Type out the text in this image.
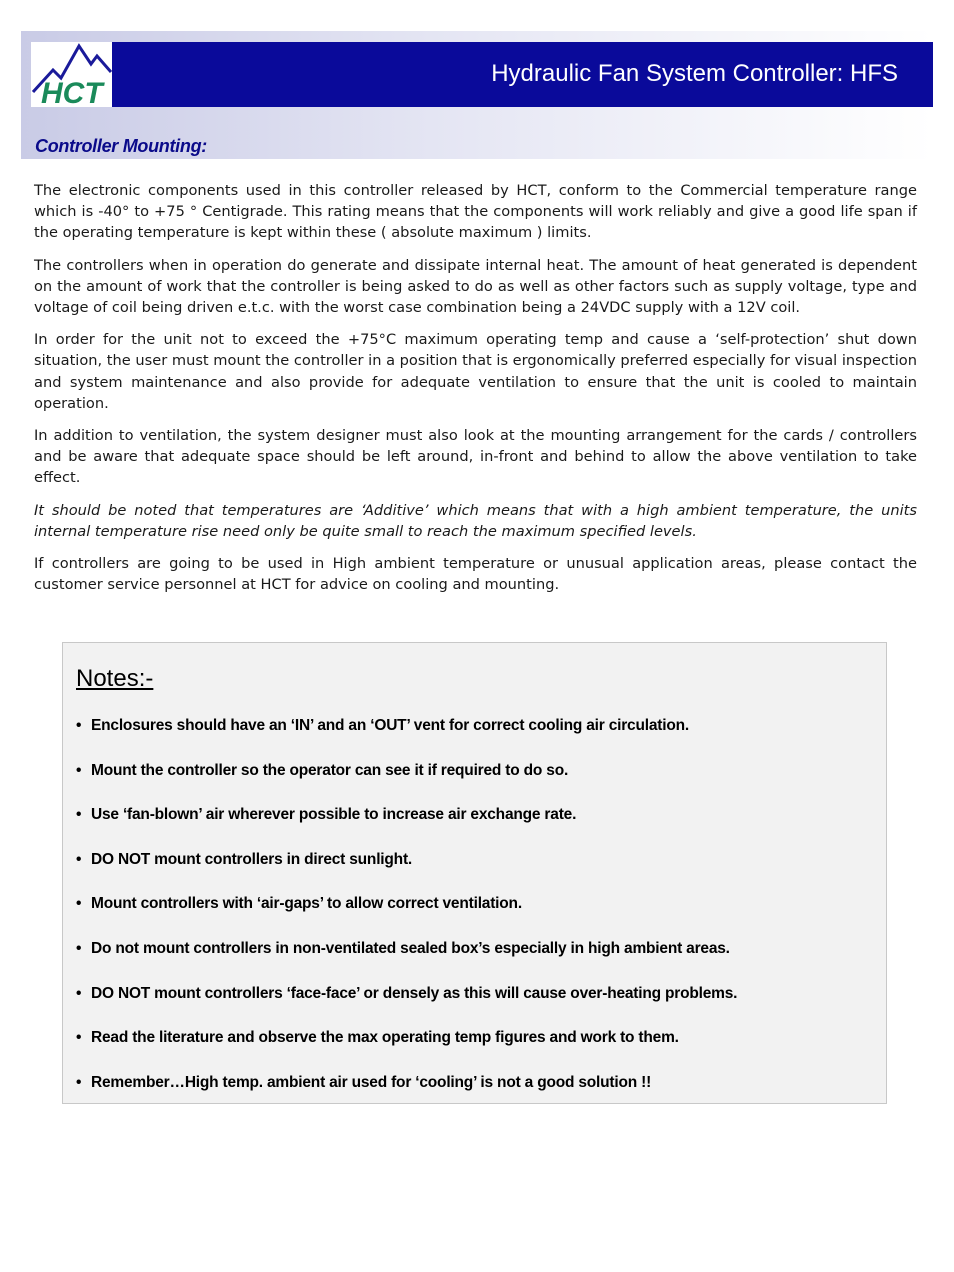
HCT
Hydraulic Fan System Controller: HFS
Controller Mounting:

The electronic components used in this controller released by HCT, conform to the Commercial temperature range which is -40° to +75 ° Centigrade. This rating means that the components will work reliably and give a good life span if the operating temperature is kept within these ( absolute maximum ) limits.

The controllers when in operation do generate and dissipate internal heat. The amount of heat generated is dependent on the amount of work that the controller is being asked to do as well as other factors such as supply voltage, type and voltage of coil being driven e.t.c. with the worst case combination being a 24VDC supply with a 12V coil.

In order for the unit not to exceed the +75°C maximum operating temp and cause a ‘self-protection’ shut down situation, the user must mount the controller in a position that is ergonomically preferred especially for visual inspection and system maintenance and also provide for adequate ventilation to ensure that the unit is cooled to maintain operation.

In addition to ventilation, the system designer must also look at the mounting arrangement for the cards / controllers and be aware that adequate space should be left around, in-front and behind to allow the above ventilation to take effect.

It should be noted that temperatures are ‘Additive’ which means that with a high ambient temperature, the units internal temperature rise need only be quite small to reach the maximum specified levels.

If controllers are going to be used in High ambient temperature or unusual application areas, please contact the customer service personnel at HCT for advice on cooling and mounting.

Notes:-
• Enclosures should have an ‘IN’ and an ‘OUT’ vent for correct cooling air circulation.
• Mount the controller so the operator can see it if required to do so.
• Use ‘fan-blown’ air wherever possible to increase air exchange rate.
• DO NOT mount controllers in direct sunlight.
• Mount controllers with ‘air-gaps’ to allow correct ventilation.
• Do not mount controllers in non-ventilated sealed box’s especially in high ambient areas.
• DO NOT mount controllers ‘face-face’ or densely as this will cause over-heating problems.
• Read the literature and observe the max operating temp figures and work to them.
• Remember…High temp. ambient air used for ‘cooling’ is not a good solution !!
